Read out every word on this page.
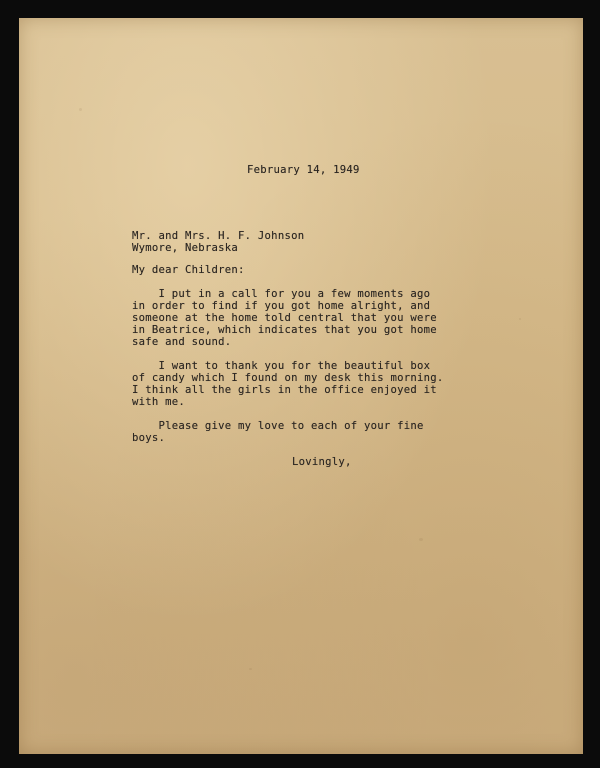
February 14, 1949
Mr. and Mrs. H. F. Johnson
Wymore, Nebraska
My dear Children:
I put in a call for you a few moments ago
in order to find if you got home alright, and
someone at the home told central that you were
in Beatrice, which indicates that you got home
safe and sound.
I want to thank you for the beautiful box
of candy which I found on my desk this morning.
I think all the girls in the office enjoyed it
with me.
Please give my love to each of your fine
boys.
Lovingly,
